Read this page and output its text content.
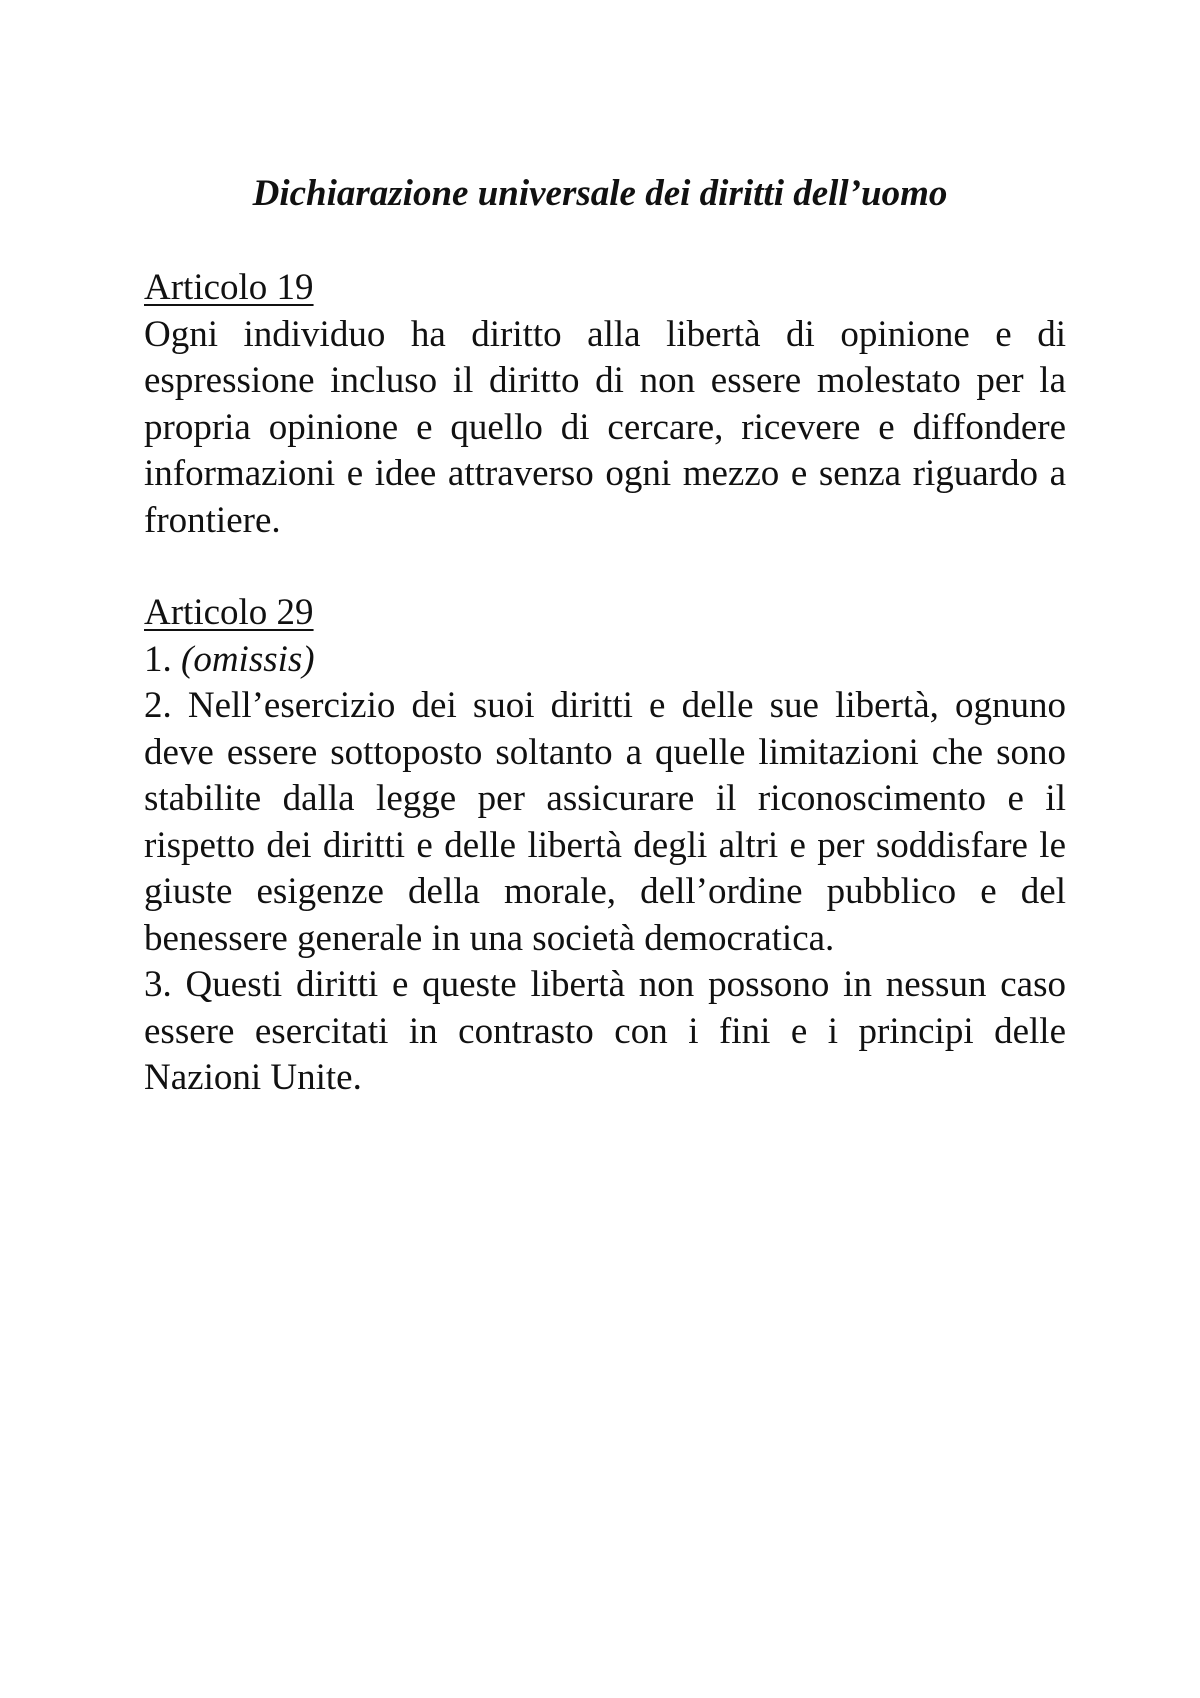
Dichiarazione universale dei diritti dell’uomo

Articolo 19

Ogni individuo ha diritto alla libertà di opinione e di espressione incluso il diritto di non essere molestato per la propria opinione e quello di cercare, ricevere e diffondere informazioni e idee attraverso ogni mezzo e senza riguardo a frontiere.

Articolo 29

1. (omissis)

2. Nell’esercizio dei suoi diritti e delle sue libertà, ognuno deve essere sottoposto soltanto a quelle limitazioni che sono stabilite dalla legge per assicurare il riconoscimento e il rispetto dei diritti e delle libertà degli altri e per soddisfare le giuste esigenze della morale, dell’ordine pubblico e del benessere generale in una società democratica.

3. Questi diritti e queste libertà non possono in nessun caso essere esercitati in contrasto con i fini e i principi delle Nazioni Unite.
